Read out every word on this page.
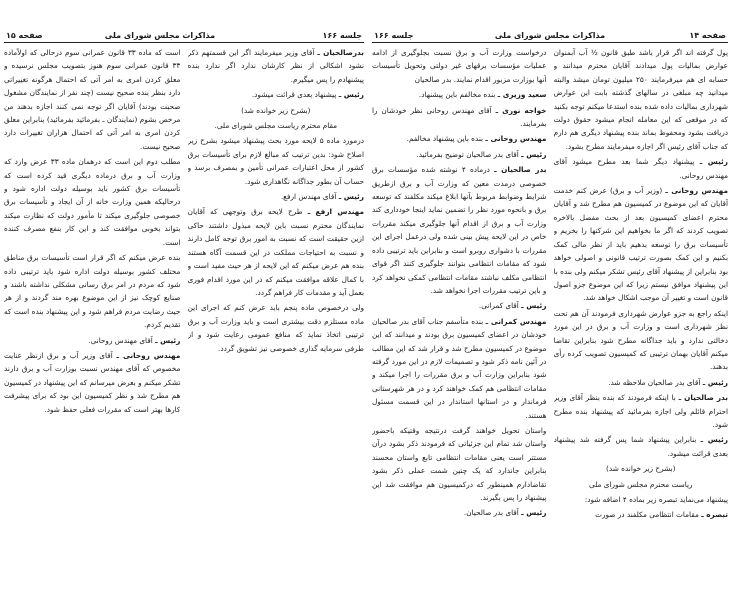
صفحه ۱۵	مذاکرات مجلس شورای ملی	جلسه ۱۶۶

بدرصالحیان ـ آقای وزیر میفرمایند اگر این قسمتهم ذکر نشود اشکالی از نظر کارشان ندارد اگر ندارد بنده پیشنهادم را پس میگیرم.

رئیس ـ پیشنهاد بعدی قرائت میشود.

(بشرح زیر خوانده شد)

مقام محترم ریاست مجلس شورای ملی.

درمورد ماده ۵ لایحه مورد بحث پیشنهاد میشود بشرح زیر اصلاح شود: بدین ترتیب که مبالغ لازم برای تأسیسات برق کشور از محل اعتبارات عمرانی تأمین و بمصرف برسد و حساب آن بطور جداگانه نگاهداری شود.

رئیس ـ آقای مهندس ارفع.

مهندس ارفع ـ طرح لایحه برق وتوجهی که آقایان نمایندگان محترم نسبت باین لایحه مبذول داشتند حاکی ازین حقیقت است که نسبت به امور برق توجه کامل دارند و نسبت به احتیاجات مملکت در این قسمت آگاه هستند بنده هم عرض میکنم که این لایحه از هر حیث مفید است و با کمال علاقه موافقت میکنم که در این مورد اقدام فوری بعمل آید و مقدمات کار فراهم گردد.

ولی درخصوص ماده پنجم باید عرض کنم که اجرای این ماده مستلزم دقت بیشتری است و باید وزارت آب و برق ترتیبی اتخاذ نماید که منافع عمومی رعایت شود و از طرفی سرمایه گذاری خصوصی نیز تشویق گردد.

است که ماده ۳۳ قانون عمرانی سوم درحالی که اولاًماده ۳۳ قانون عمرانی سوم هنوز بتصویب مجلس نرسیده و معلق کردن امری به امر آتی که احتمال هرگونه تغییراتی دارد بنظر بنده صحیح نیست (چند نفر از نمایندگان مشغول صحبت بودند) آقایان اگر توجه نمی کنند اجازه بدهند من مرخص بشوم (نمایندگان ـ بفرمائید بفرمائید) بنابراین معلق کردن امری به امر آتی که احتمال هزاران تغییرات دارد صحیح نیست.

مطلب دوم این است که درهمان ماده ۳۳ عرض وارد که وزارت آب و برق درماده دیگری قید کرده است که تأسیسات برق کشور باید بوسیله دولت اداره شود و درحالیکه همین وزارت خانه از آن ایجاد و تأسیسات برق خصوصی جلوگیری میکند تا مأمور دولت که نظارت میکند بتواند بخوبی موافقت کند و این کار بنفع مصرف کننده است.

بنده عرض میکنم که اگر قرار است تأسیسات برق مناطق مختلف کشور بوسیله دولت اداره شود باید ترتیبی داده شود که مردم در امر برق رسانی مشکلی نداشته باشند و صنایع کوچک نیز از این موضوع بهره مند گردند و از هر حیث رضایت مردم فراهم شود و این پیشنهاد بنده است که تقدیم کردم.

رئیس ـ آقای مهندس روحانی.

مهندس روحانی ـ آقای وزیر آب و برق ازنظر عنایت مخصوص که آقای مهندس نسبت بوزارت آب و برق دارند تشکر میکنم و بعرض میرسانم که این پیشنهاد در کمیسیون هم مطرح شد و نظر کمیسیون این بود که برای پیشرفت کارها بهتر است که مقررات فعلی حفظ شود.

صفحه ۱۴
مذاکرات مجلس شورای ملی
جلسه ۱۶۶

پول گرفته اند اگر قرار باشد طبق قانون ½ آب آبمنوان عوارض بمالیات پول میدادند آقایان محترم میدانند و حسابه ای هم میرفرمایند ۲۵۰ میلیون تومان میشد والبته میدانید چه مبلغی در سالهای گذشته بابت این عوارض شهرداری بمالیات داده شده بنده استدعا میکنم توجه بکنید که در موقعی که این معامله انجام میشود حقوق دولت دریافت بشود ومحفوظ بماند بنده پیشنهاد دیگری هم دارم که جناب آقای رئیس اگر اجازه میفرمایند مطرح بشود.

رئیس ـ پیشنهاد دیگر شما بعد مطرح میشود آقای مهندس روحانی.

مهندس روحانی ـ (وزیر آب و برق) عرض کنم خدمت آقایان که این موضوع در کمیسیون هم مطرح شد و آقایان محترم اعضای کمیسیون بعد از بحث مفصل بالاخره تصویب کردند که اگر ما بخواهیم این شرکتها را بخریم و تأسیسات برق را توسعه بدهیم باید از نظر مالی کمک بکنیم و این کمک بصورت ترتیب قانونی و اصولی خواهد بود بنابراین از پیشنهاد آقای رئیس تشکر میکنم ولی بنده با این پیشنهاد موافق نیستم زیرا که این موضوع جزو اصول قانون است و تغییر آن موجب اشکال خواهد شد.

اینکه راجع به جزو عوارض شهرداری فرمودند آن هم تحت نظر شهرداری است و وزارت آب و برق در این مورد دخالتی ندارد و باید جداگانه مطرح شود بنابراین تقاضا میکنم آقایان بهمان ترتیبی که کمیسیون تصویب کرده رأی بدهند.

رئیس ـ آقای بدر صالحیان ملاحظه شد.

بدر صالحیان ـ با اینکه فرمودند که بنده بنظر آقای وزیر احترام قائلم ولی اجازه بفرمائید که پیشنهاد بنده مطرح شود.

رئیس ـ بنابراین پیشنهاد شما پس گرفته شد پیشنهاد بعدی قرائت میشود.

(بشرح زیر خوانده شد)

ریاست محترم مجلس شورای ملی

پیشنهاد می‌نماید تبصره زیر بماده ۴ اضافه شود:

تبصره ـ مقامات انتظامی مکلفند در صورت

درخواست وزارت آب و برق نسبت بجلوگیری از ادامه عملیات مؤسسات برقهای غیر دولتی وتحویل تأسیسات آنها بوزارت مزبور اقدام نمایند. بدر صالحیان

سعید وزیری ـ بنده مخالفم باین پیشنهاد.

خواجه نوری ـ آقای مهندس روحانی نظر خودشان را بفرمایند.

مهندس روحانی ـ بنده باین پیشنهاد مخالفم.

رئیس ـ آقای بدر صالحیان توضیح بفرمائید.

بدر صالحیان ـ درماده ۴ نوشته شده مؤسسات برق خصوصی درمدت معین که وزارت آب و برق ازطریق شرایط وضوابط مربوط بآنها ابلاغ میکند مکلفند که توسعه برق و بانحوه مورد نظر را تضمین نماید اینجا خودداری کند وزارت آب و برق از اقدام آنها جلوگیری میکند مقررات خاص در این لایحه پیش بینی شده ولی درعمل اجرای این مقررات با دشواری روبرو است و بنابراین باید ترتیبی داده شود که مقامات انتظامی بتوانند جلوگیری کنند اگر قوای انتظامی مکلف نباشند مقامات انتظامی کمکی نخواهد کرد و باین ترتیب مقررات اجرا نخواهد شد.

رئیس ـ آقای کمرانی.

مهندس کمرانی ـ بنده متأسفم جناب آقای بدر صالحیان خودشان در اعضای کمیسیون برق بودند و میدانند که این موضوع در کمیسیون مطرح شد و قرار شد که این مطالب در آئین نامه ذکر شود و تصمیمات لازم در این مورد گرفته شود بنابراین وزارت آب و برق مقررات را اجرا میکند و مقامات انتظامی هم کمک خواهند کرد و در هر شهرستانی فرماندار و در استانها استاندار در این قسمت مسئول هستند.

واستان تحویل خواهند گرفت درنتیجه وقتیکه باحضور واستان شد تمام این جزئیاتی که فرمودند ذکر بشود درآن مستتر است یعنی مقامات انتظامی تابع واستان محسند بنابراین جاندارد که یک چنین شمت عملی ذکر بشود تقاضادارم همینطور که درکمیسیون هم موافقت شد این پیشنهاد را پس بگیرند.

رئیس ـ آقای بدر صالحیان.
